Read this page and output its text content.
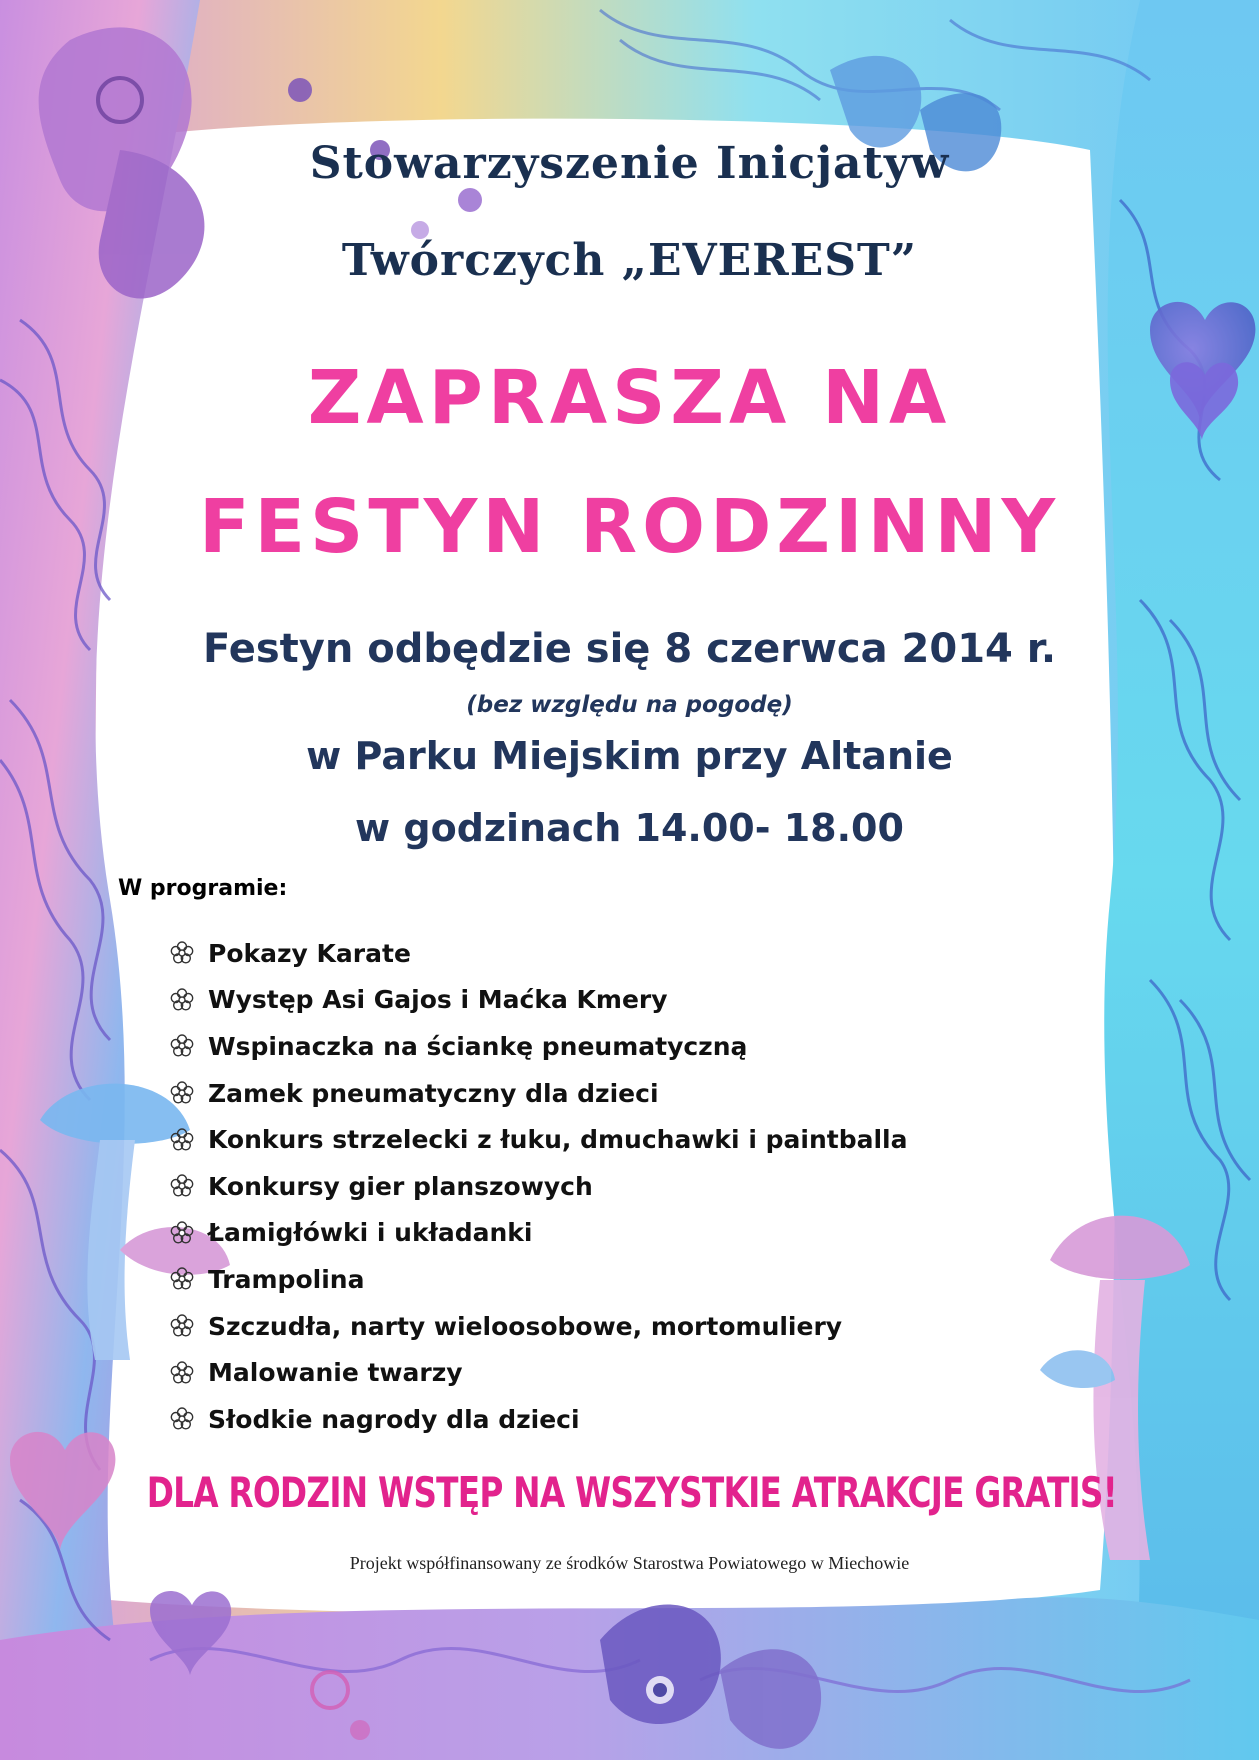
Stowarzyszenie Inicjatyw
Twórczych „EVEREST”
ZAPRASZA NA
FESTYN RODZINNY

Festyn odbędzie się 8 czerwca 2014 r.

(bez względu na pogodę)

w Parku Miejskim przy Altanie

w godzinach 14.00- 18.00

W programie:

Pokazy Karate
Występ Asi Gajos i Maćka Kmery
Wspinaczka na ściankę pneumatyczną
Zamek pneumatyczny dla dzieci
Konkurs strzelecki z łuku, dmuchawki i paintballa
Konkursy gier planszowych
Łamigłówki i układanki
Trampolina
Szczudła, narty wieloosobowe, mortomuliery
Malowanie twarzy
Słodkie nagrody dla dzieci

DLA RODZIN WSTĘP NA WSZYSTKIE ATRAKCJE GRATIS!

Projekt współfinansowany ze środków Starostwa Powiatowego w Miechowie
